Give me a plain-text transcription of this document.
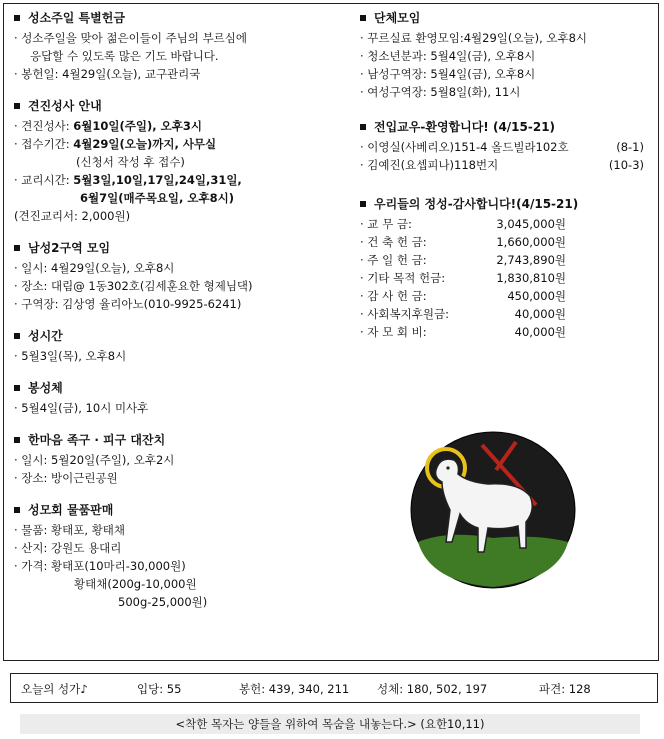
성소주일 특별헌금
· 성소주일을 맞아 젊은이들이 주님의 부르심에
응답할 수 있도록 많은 기도 바랍니다.
· 봉헌일: 4월29일(오늘), 교구관리국
견진성사 안내
· 견진성사: 6월10일(주일), 오후3시
· 접수기간: 4월29일(오늘)까지, 사무실
(신청서 작성 후 접수)
· 교리시간: 5월3일,10일,17일,24일,31일,
6월7일(매주목요일, 오후8시)
(견진교리서: 2,000원)
남성2구역 모임
· 일시: 4월29일(오늘), 오후8시
· 장소: 대림@ 1동302호(김세훈요한 형제님댁)
· 구역장: 김상영 율리아노(010-9925-6241)
성시간
· 5월3일(목), 오후8시
봉성체
· 5월4일(금), 10시 미사후
한마음 족구 · 피구 대잔치
· 일시: 5월20일(주일), 오후2시
· 장소: 방이근린공원
성모회 물품판매
· 물품: 황태포, 황태채
· 산지: 강원도 용대리
· 가격: 황태포(10마리-30,000원)
황태채(200g-10,000원
500g-25,000원)
단체모임
· 꾸르실료 환영모임:4월29일(오늘), 오후8시
· 청소년분과: 5월4일(금), 오후8시
· 남성구역장: 5월4일(금), 오후8시
· 여성구역장: 5월8일(화), 11시
전입교우-환영합니다! (4/15-21)
· 이영실(사베리오)151-4 올드빌라102호	(8-1)
· 김예진(요셉피나)118번지	(10-3)
우리들의 정성-감사합니다!(4/15-21)
· 교 무 금:	3,045,000원
· 건 축 헌 금:	1,660,000원
· 주 일 헌 금:	2,743,890원
· 기타 목적 헌금:	1,830,810원
· 감 사 헌 금:	450,000원
· 사회복지후원금:	40,000원
· 자 모 회 비:	40,000원
오늘의 성가♪	입당: 55	봉헌: 439, 340, 211 성체: 180, 502, 197	파견: 128
<착한 목자는 양들을 위하여 목숨을 내놓는다.> (요한10,11)
